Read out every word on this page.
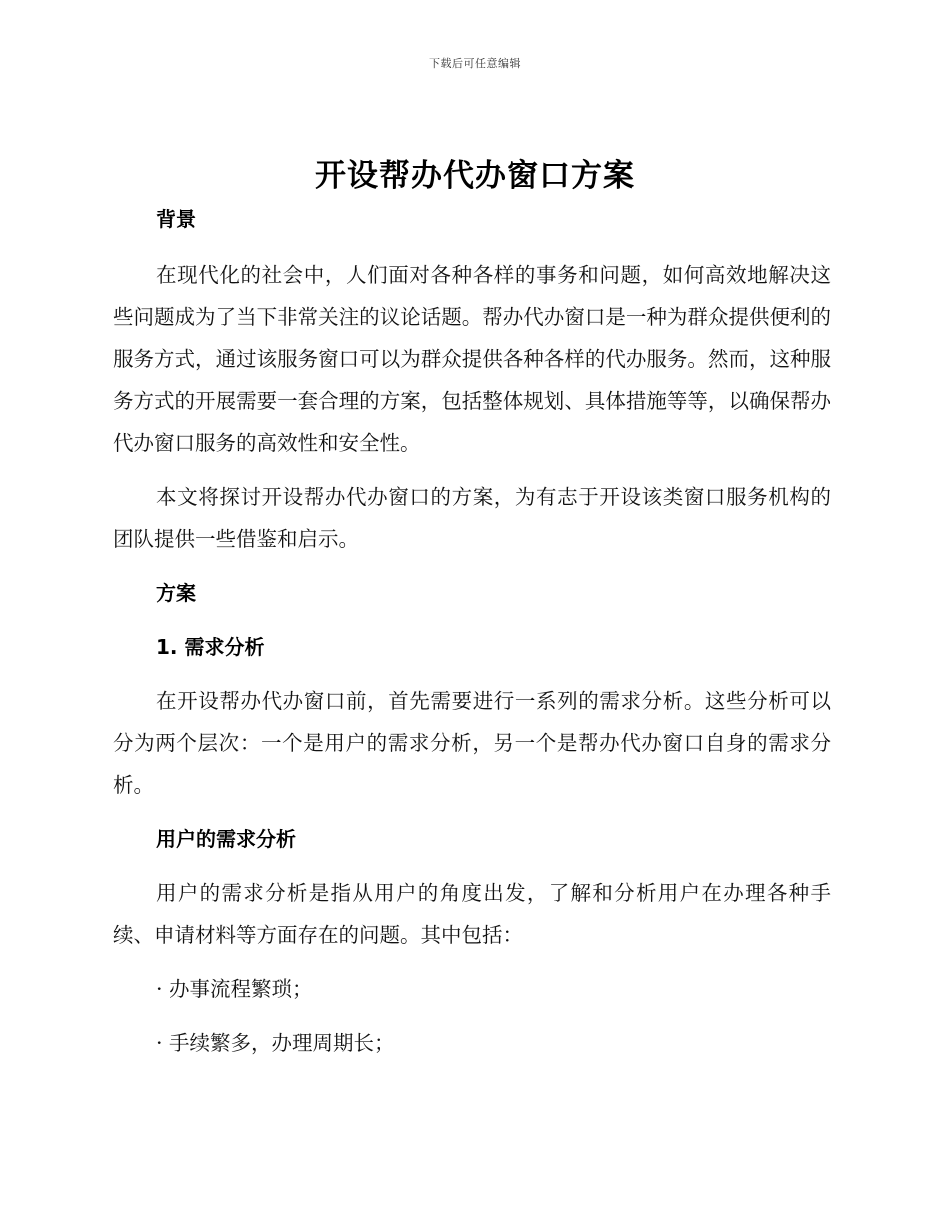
下载后可任意编辑
开设帮办代办窗口方案
背景

在现代化的社会中，人们面对各种各样的事务和问题，如何高效地解决这些问题成为了当下非常关注的议论话题。帮办代办窗口是一种为群众提供便利的服务方式，通过该服务窗口可以为群众提供各种各样的代办服务。然而，这种服务方式的开展需要一套合理的方案，包括整体规划、具体措施等等，以确保帮办代办窗口服务的高效性和安全性。

本文将探讨开设帮办代办窗口的方案，为有志于开设该类窗口服务机构的团队提供一些借鉴和启示。

方案
1. 需求分析

在开设帮办代办窗口前，首先需要进行一系列的需求分析。这些分析可以分为两个层次：一个是用户的需求分析，另一个是帮办代办窗口自身的需求分析。

用户的需求分析

用户的需求分析是指从用户的角度出发，了解和分析用户在办理各种手续、申请材料等方面存在的问题。其中包括：

· 办事流程繁琐；
· 手续繁多，办理周期长；
